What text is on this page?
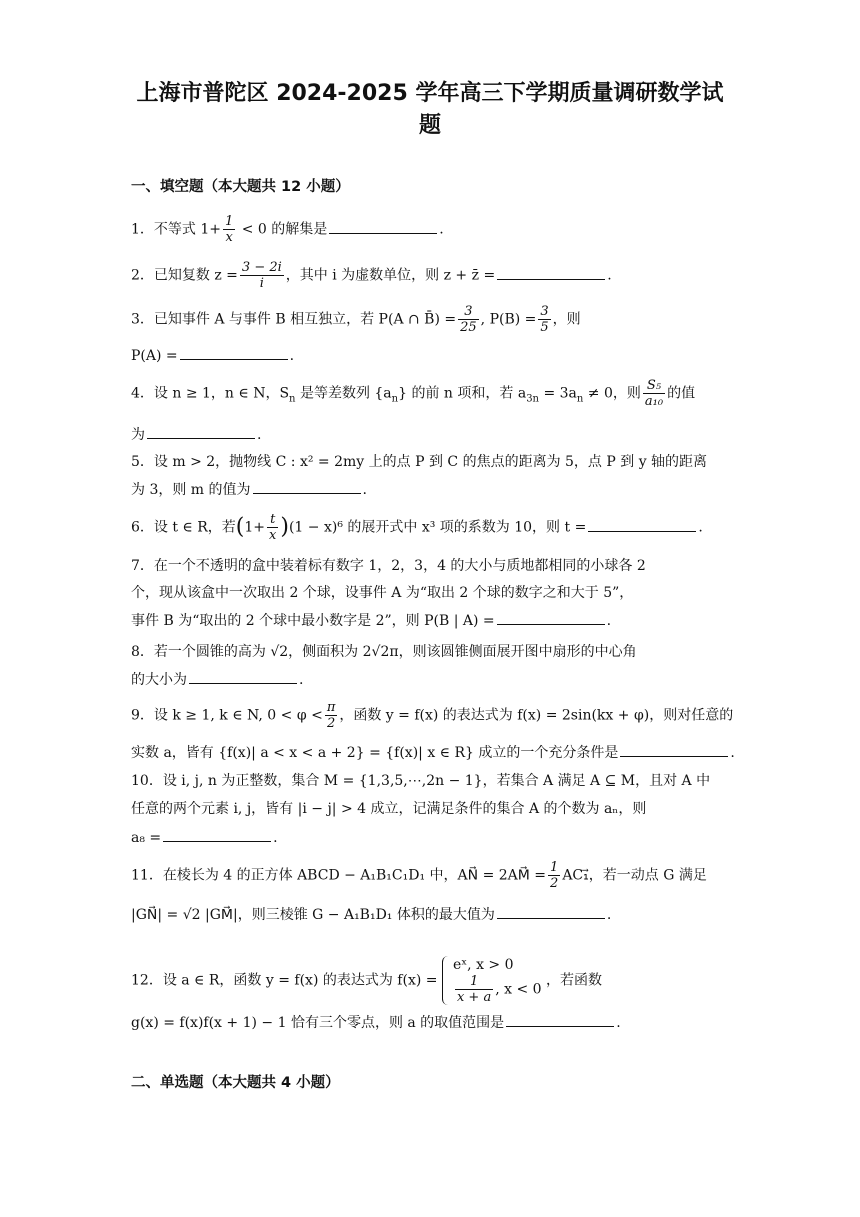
上海市普陀区 2024-2025 学年高三下学期质量调研数学试
题
一、填空题（本大题共 12 小题）
1．不等式 $1+ \frac{1}{x} < 0$ 的解集是	.
2．已知复数 $z = \frac{3 - 2i}{i}$ ，其中 i 为虚数单位，则 z + z̄ =	.
3．已知事件 A 与事件 B 相互独立，若 P(A ∩ B̄) = $\frac{3}{25}$ , $P(B) = \frac{3}{5}$ ，则
P(A) =	.
4．设 n ≥ 1，n ∈ N，$S_n$ 是等差数列 $\{a_n\}$ 的前 n 项和，若 $a_{3n} = 3a_n \ne 0$，则 $\frac{\text{S₅}}{\text{a₁₀}}$ 的值
为	.
5．设 m > 2，抛物线 C : x² = 2my 上的点 P 到 C 的焦点的距离为 5，点 P 到 y 轴的距离
为 3，则 m 的值为	.
6．设 t ∈ R，若$(1+ \frac{t}{x} )(1 - x)^6$ 的展开式中 x³ 项的系数为 10，则 t =	.
7．在一个不透明的盒中装着标有数字 1，2，3，4 的大小与质地都相同的小球各 2
个，现从该盒中一次取出 2 个球，设事件 A 为“取出 2 个球的数字之和大于 5”，
事件 B 为“取出的 2 个球中最小数字是 2”，则 P(B | A) =	.
8．若一个圆锥的高为 √2，侧面积为 2√2π，则该圆锥侧面展开图中扇形的中心角
的大小为	.
9．设 k ≥ 1, k ∈ N, $0 < \varphi < \frac{\pi}{2}$ ，函数 y = f(x) 的表达式为 f(x) = 2sin(kx + φ)，则对任意的
实数 a，皆有 {f(x)| a < x < a + 2} = {f(x)| x ∈ R} 成立的一个充分条件是	.
10．设 i, j, n 为正整数，集合 M = {1,3,5,⋯,2n − 1}，若集合 A 满足 A ⊆ M，且对 A 中
任意的两个元素 i, j，皆有 |i − j| > 4 成立，记满足条件的集合 A 的个数为 aₙ，则
a₈ =	.
11．在棱长为 4 的正方体 ABCD − A₁B₁C₁D₁ 中，AN⃗ = 2AM⃗ = $\frac{1}{2}$ AC₁⃗，若一动点 G 满足
|GN⃗| = √2 |GM⃗|，则三棱锥 G − A₁B₁D₁ 体积的最大值为	.
12．设 a ∈ R，函数 y = f(x) 的表达式为 f(x) =
eˣ, x > 0
$\frac{1}{x + a}$ , x < 0
，若函数
g(x) = f(x)f(x + 1) − 1 恰有三个零点，则 a 的取值范围是	.
二、单选题（本大题共 4 小题）
